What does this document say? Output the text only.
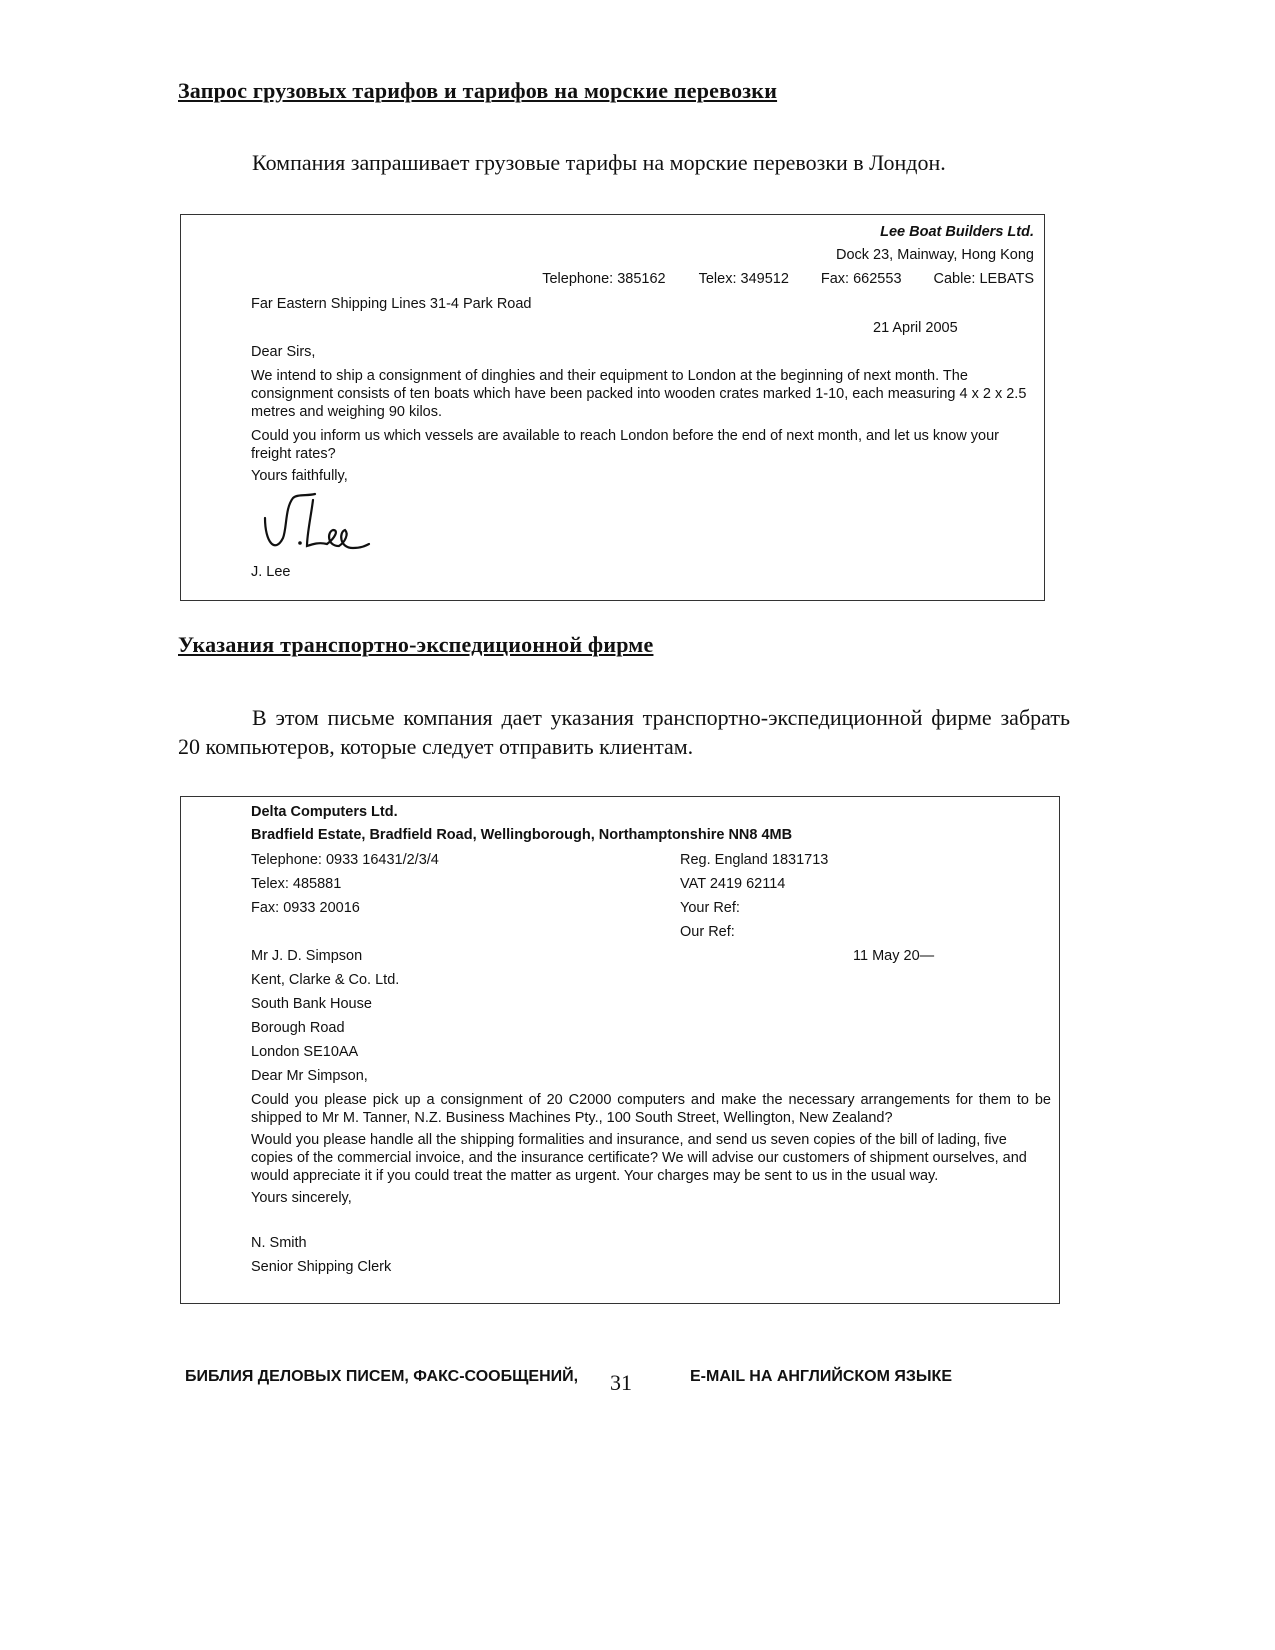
Запрос грузовых тарифов и тарифов на морские перевозки

Компания запрашивает грузовые тарифы на морские перевозки в Лондон.

Lee Boat Builders Ltd.

Dock 23, Mainway, Hong Kong

Telephone: 385162 Telex: 349512 Fax: 662553 Cable: LEBATS

Far Eastern Shipping Lines 31-4 Park Road

21 April 2005

Dear Sirs,

We intend to ship a consignment of dinghies and their equipment to London at the beginning of next month. The consignment consists of ten boats which have been packed into wooden crates marked 1-10, each measuring 4 x 2 x 2.5 metres and weighing 90 kilos.

Could you inform us which vessels are available to reach London before the end of next month, and let us know your freight rates?

Yours faithfully,

J. Lee

Указания транспортно-экспедиционной фирме

В этом письме компания дает указания транспортно-экспедиционной фирме забрать 20 компьютеров, которые следует отправить клиентам.

Delta Computers Ltd.

Bradfield Estate, Bradfield Road, Wellingborough, Northamptonshire NN8 4MB

Telephone: 0933 16431/2/3/4

Telex: 485881

Fax: 0933 20016

Reg. England 1831713

VAT 2419 62114

Your Ref:

Our Ref:

11 May 20—

Mr J. D. Simpson

Kent, Clarke & Co. Ltd.

South Bank House

Borough Road

London SE10AA

Dear Mr Simpson,

Could you please pick up a consignment of 20 C2000 computers and make the necessary arrangements for them to be shipped to Mr M. Tanner, N.Z. Business Machines Pty., 100 South Street, Wellington, New Zealand?

Would you please handle all the shipping formalities and insurance, and send us seven copies of the bill of lading, five copies of the commercial invoice, and the insurance certificate? We will advise our customers of shipment ourselves, and would appreciate it if you could treat the matter as urgent. Your charges may be sent to us in the usual way.

Yours sincerely,

N. Smith

Senior Shipping Clerk

БИБЛИЯ ДЕЛОВЫХ ПИСЕМ, ФАКС-СООБЩЕНИЙ, 31	E-MAIL НА АНГЛИЙСКОМ ЯЗЫКЕ
